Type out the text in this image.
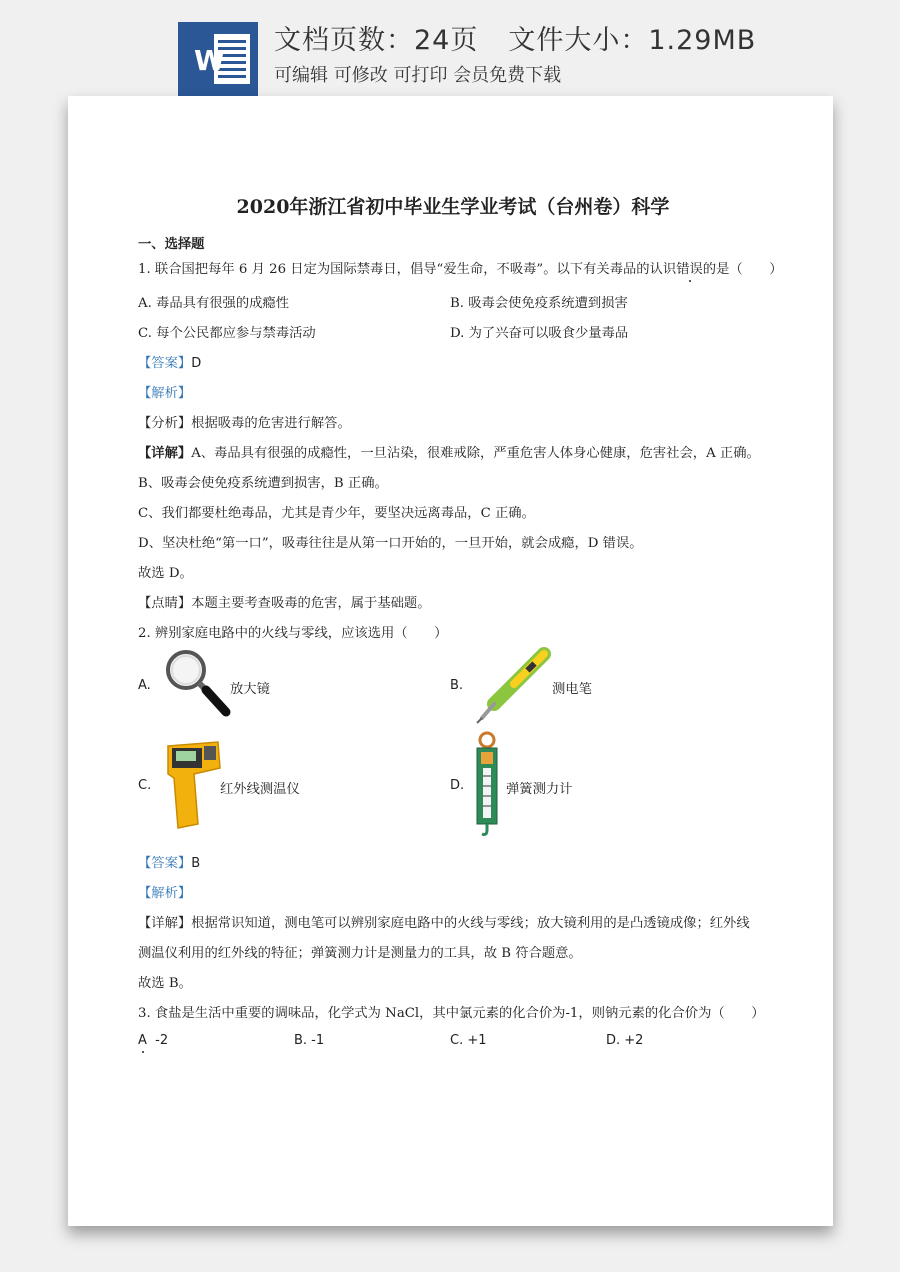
W
文档页数：24页 文件大小：1.29MB
可编辑 可修改 可打印 会员免费下载
2020年浙江省初中毕业生学业考试（台州卷）科学
一、选择题
1. 联合国把每年 6 月 26 日定为国际禁毒日，倡导“爱生命，不吸毒”。以下有关毒品的认识错误的是（　　）
A. 毒品具有很强的成瘾性	B. 吸毒会使免疫系统遭到损害
C. 每个公民都应参与禁毒活动	D. 为了兴奋可以吸食少量毒品
【答案】D
【解析】
【分析】根据吸毒的危害进行解答。
【详解】A、毒品具有很强的成瘾性，一旦沾染，很难戒除，严重危害人体身心健康，危害社会，A 正确。
B、吸毒会使免疫系统遭到损害，B 正确。
C、我们都要杜绝毒品，尤其是青少年，要坚决远离毒品，C 正确。
D、坚决杜绝“第一口”，吸毒往往是从第一口开始的，一旦开始，就会成瘾，D 错误。
故选 D。
【点睛】本题主要考查吸毒的危害，属于基础题。
2. 辨别家庭电路中的火线与零线，应该选用（　　）
A.	放大镜	B.	测电笔
C.	红外线测温仪	D.	弹簧测力计
【答案】B
【解析】
【详解】根据常识知道，测电笔可以辨别家庭电路中的火线与零线；放大镜利用的是凸透镜成像；红外线
测温仪利用的红外线的特征；弹簧测力计是测量力的工具，故 B 符合题意。
故选 B。
3. 食盐是生活中重要的调味品，化学式为 NaCl，其中氯元素的化合价为-1，则钠元素的化合价为（　　）
A -2	B. -1	C. +1	D. +2
